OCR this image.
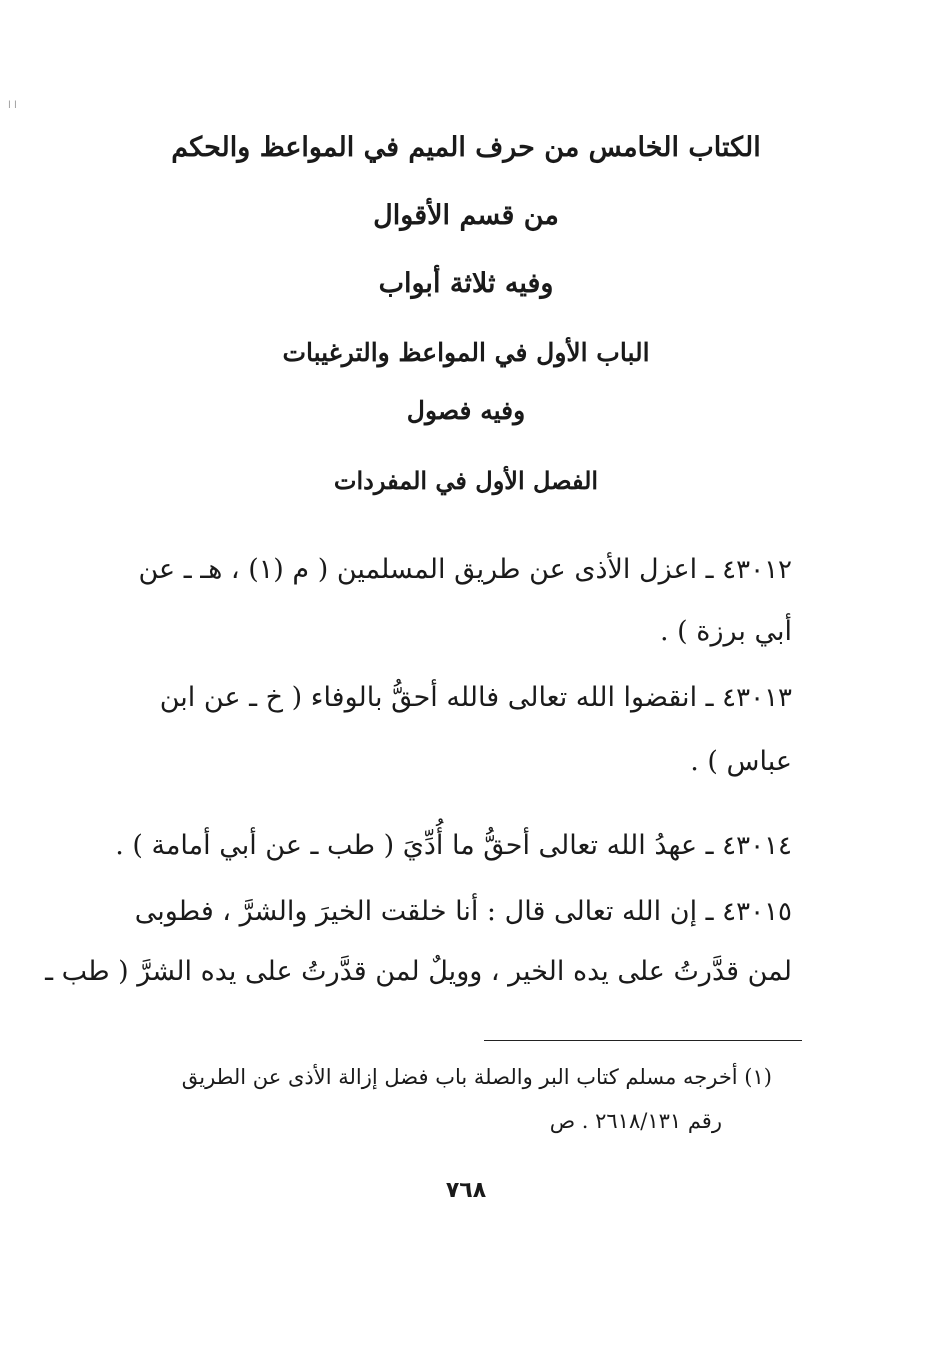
ا ا
الكتاب الخامس من حرف الميم في المواعظ والحكم
من قسم الأقوال
وفيه ثلاثة أبواب
الباب الأول في المواعظ والترغيبات
وفيه فصول
الفصل الأول في المفردات
٤٣٠١٢ ـ اعزل الأذى عن طريق المسلمين ( م (١) ، هـ ـ عن
أبي برزة ) .
٤٣٠١٣ ـ انقضوا الله تعالى فالله أحقُّ بالوفاء ( خ ـ عن ابن
عباس ) .
٤٣٠١٤ ـ عهدُ الله تعالى أحقُّ ما أُدِّيَ ( طب ـ عن أبي أمامة ) .
٤٣٠١٥ ـ إن الله تعالى قال : أنا خلقت الخيرَ والشرَّ ، فطوبى
لمن قدَّرتُ على يده الخير ، وويلٌ لمن قدَّرتُ على يده الشرَّ ( طب ـ
(١) أخرجه مسلم كتاب البر والصلة باب فضل إزالة الأذى عن الطريق
رقم ٢٦١٨/١٣١ . ص
٧٦٨
